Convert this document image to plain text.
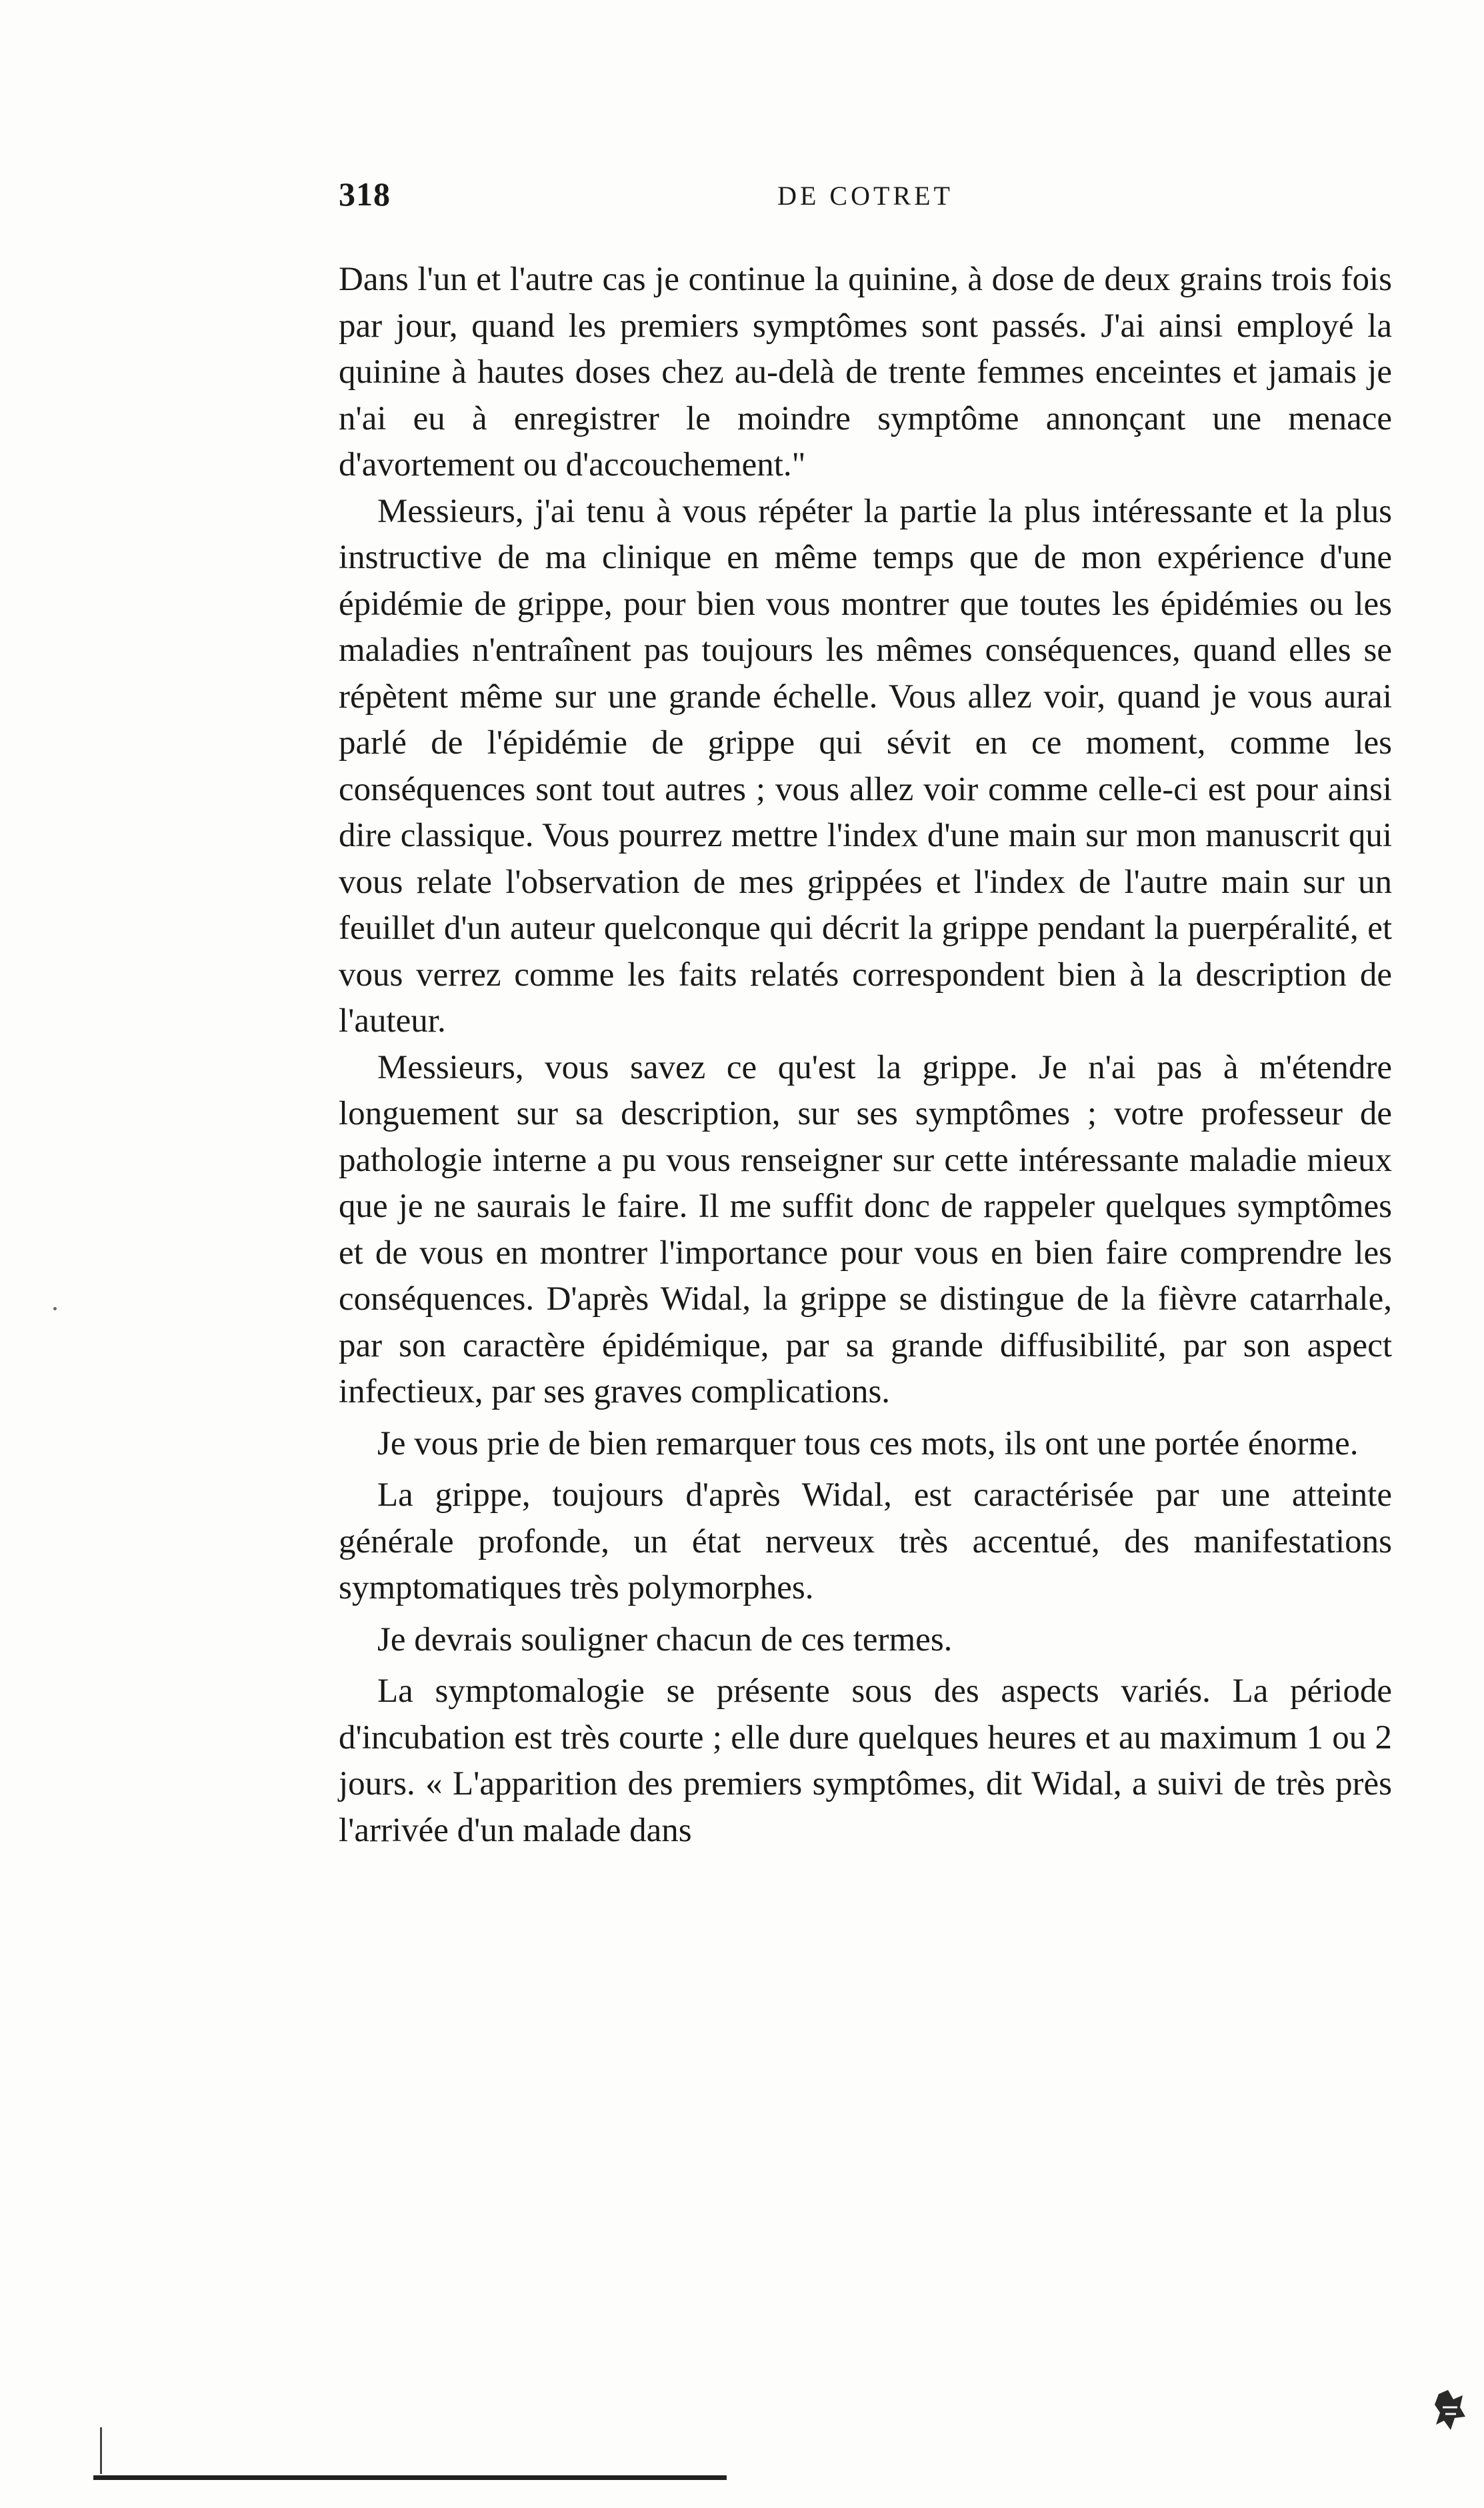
318	DE COTRET

Dans l'un et l'autre cas je continue la quinine, à dose de deux grains trois fois par jour, quand les premiers symptômes sont passés. J'ai ainsi employé la quinine à hautes doses chez au-delà de trente femmes enceintes et jamais je n'ai eu à enregistrer le moindre symptôme annonçant une menace d'avortement ou d'accouchement."

Messieurs, j'ai tenu à vous répéter la partie la plus intéressante et la plus instructive de ma clinique en même temps que de mon expérience d'une épidémie de grippe, pour bien vous montrer que toutes les épidémies ou les maladies n'entraînent pas toujours les mêmes conséquences, quand elles se répètent même sur une grande échelle. Vous allez voir, quand je vous aurai parlé de l'épidémie de grippe qui sévit en ce moment, comme les conséquences sont tout autres ; vous allez voir comme celle-ci est pour ainsi dire classique. Vous pourrez mettre l'index d'une main sur mon manuscrit qui vous relate l'observation de mes grippées et l'index de l'autre main sur un feuillet d'un auteur quelconque qui décrit la grippe pendant la puerpéralité, et vous verrez comme les faits relatés correspondent bien à la description de l'auteur.

Messieurs, vous savez ce qu'est la grippe. Je n'ai pas à m'étendre longuement sur sa description, sur ses symptômes ; votre professeur de pathologie interne a pu vous renseigner sur cette intéressante maladie mieux que je ne saurais le faire. Il me suffit donc de rappeler quelques symptômes et de vous en montrer l'importance pour vous en bien faire comprendre les conséquences. D'après Widal, la grippe se distingue de la fièvre catarrhale, par son caractère épidémique, par sa grande diffusibilité, par son aspect infectieux, par ses graves complications.

Je vous prie de bien remarquer tous ces mots, ils ont une portée énorme.

La grippe, toujours d'après Widal, est caractérisée par une atteinte générale profonde, un état nerveux très accentué, des manifestations symptomatiques très polymorphes.

Je devrais souligner chacun de ces termes.

La symptomalogie se présente sous des aspects variés. La période d'incubation est très courte ; elle dure quelques heures et au maximum 1 ou 2 jours. « L'apparition des premiers symptômes, dit Widal, a suivi de très près l'arrivée d'un malade dans
